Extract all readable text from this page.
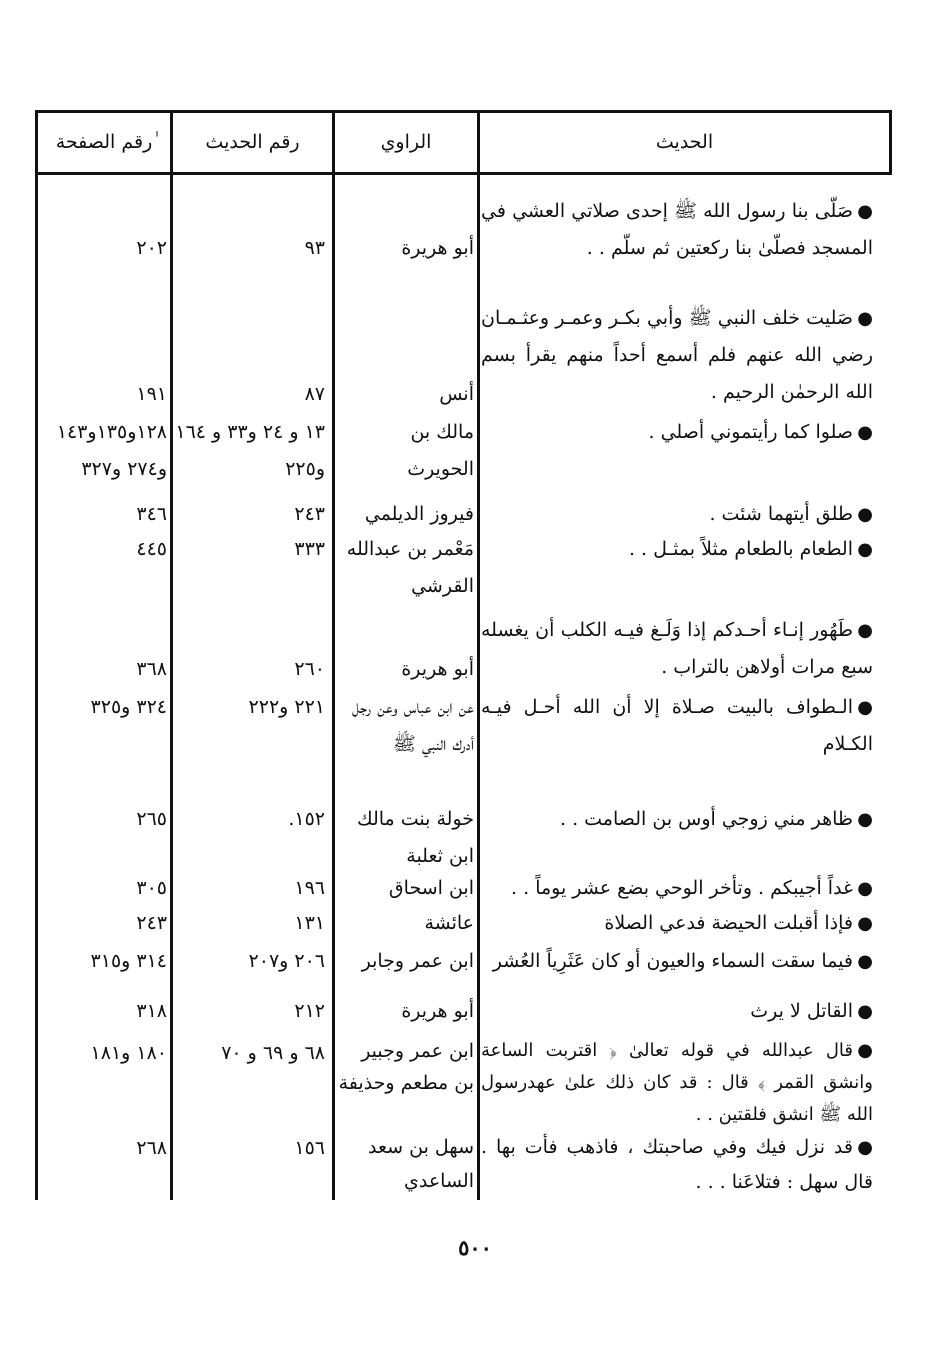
الحديث
الراوي
رقم الحديث
ٰرقم الصفحة
●صَلّى بنا رسول الله ﷺ إحدى صلاتي العشي في المسجد فصلّىٰ بنا ركعتين ثم سلّم . .
أبو هريرة
٩٣
٢٠٢
●صَليت خلف النبي ﷺ وأبي بكـر وعمـر وعثـمـان رضي الله عنهم فلم أسمع أحداً منهم يقرأ بسم الله الرحمٰن الرحيم .
أنس
٨٧
١٩١
●صلوا كما رأيتموني أصلي .
مالك بن الحويرث
١٣ و ٢٤ و٣٣ و ١٦٤ و٢٢٥
١٢٨و١٣٥و١٤٣ و٢٧٤ و٣٢٧
●طلق أيتهما شئت .
فيروز الديلمي
٢٤٣
٣٤٦
●الطعام بالطعام مثلاً بمثـل . .
مَعْمر بن عبدالله القرشي
٣٣٣
٤٤٥
●طَهُور إنـاء أحـدكم إذا وَلَـغ فيـه الكلب أن يغسله سبع مرات أولاهن بالتراب .
أبو هريرة
٢٦٠
٣٦٨
●الـطواف بالبيت صـلاة إلا أن الله أحـل فيـه الكـلام
عن ابن عباس وعن رجل أدرك النبي ﷺ
٢٢١ و٢٢٢
٣٢٤ و٣٢٥
●ظاهر مني زوجي أوس بن الصامت . .
خولة بنت مالك ابن ثعلبة
١٥٢.
٢٦٥
●غداً أجيبكم . وتأخر الوحي بضع عشر يوماً . .
ابن اسحاق
١٩٦
٣٠٥
●فإذا أقبلت الحيضة فدعي الصلاة
عائشة
١٣١
٢٤٣
●فيما سقت السماء والعيون أو كان عَثَرِياً العُشر
ابن عمر وجابر
٢٠٦ و٢٠٧
٣١٤ و٣١٥
●القاتل لا يرث
أبو هريرة
٢١٢
٣١٨
●قال عبدالله في قوله تعالىٰ ﴿ اقتربت الساعة وانشق القمر ﴾ قال : قد كان ذلك علىٰ عهدرسول الله ﷺ انشق فلقتين . .
ابن عمر وجبير بن مطعم وحذيفة
٦٨ و ٦٩ و ٧٠
١٨٠ و١٨١
●قد نزل فيك وفي صاحبتك ، فاذهب فأت بها . قال سهل : فتلاعَنا . . .
سهل بن سعد الساعدي
١٥٦
٢٦٨
٥٠٠
